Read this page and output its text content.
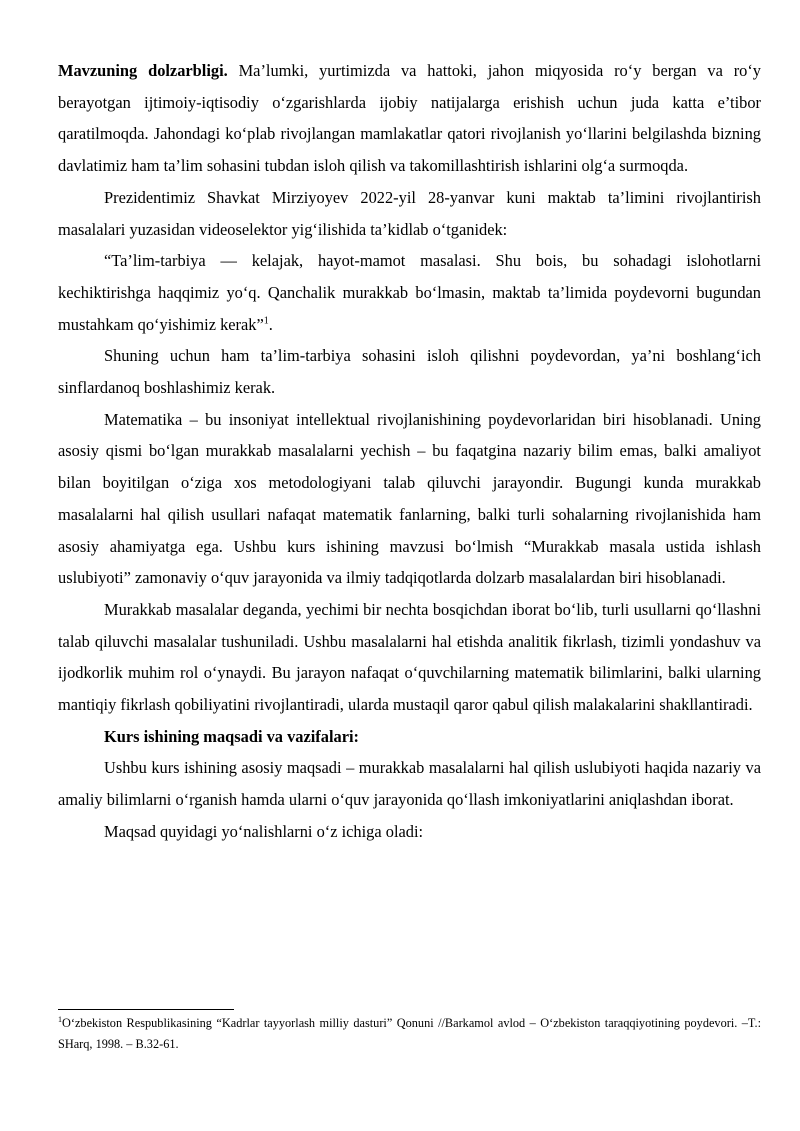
Mavzuning dolzarbligi. Ma’lumki, yurtimizda va hattoki, jahon miqyosida roʻy bergan va roʻy berayotgan ijtimoiy-iqtisodiy oʻzgarishlarda ijobiy natijalarga erishish uchun juda katta e’tibor qaratilmoqda. Jahondagi koʻplab rivojlangan mamlakatlar qatori rivojlanish yoʻllarini belgilashda bizning davlatimiz ham ta’lim sohasini tubdan isloh qilish va takomillashtirish ishlarini olgʻa surmoqda.

Prezidentimiz Shavkat Mirziyoyev 2022-yil 28-yanvar kuni maktab ta’limini rivojlantirish masalalari yuzasidan videoselektor yigʻilishida ta’kidlab oʻtganidek:

“Ta’lim-tarbiya — kelajak, hayot-mamot masalasi. Shu bois, bu sohadagi islohotlarni kechiktirishga haqqimiz yoʻq. Qanchalik murakkab boʻlmasin, maktab ta’limida poydevorni bugundan mustahkam qoʻyishimiz kerak”$^1$.

Shuning uchun ham ta’lim-tarbiya sohasini isloh qilishni poydevordan, ya’ni boshlangʻich sinflardanoq boshlashimiz kerak.

Matematika – bu insoniyat intellektual rivojlanishining poydevorlaridan biri hisoblanadi. Uning asosiy qismi boʻlgan murakkab masalalarni yechish – bu faqatgina nazariy bilim emas, balki amaliyot bilan boyitilgan oʻziga xos metodologiyani talab qiluvchi jarayondir. Bugungi kunda murakkab masalalarni hal qilish usullari nafaqat matematik fanlarning, balki turli sohalarning rivojlanishida ham asosiy ahamiyatga ega. Ushbu kurs ishining mavzusi boʻlmish “Murakkab masala ustida ishlash uslubiyoti” zamonaviy oʻquv jarayonida va ilmiy tadqiqotlarda dolzarb masalalardan biri hisoblanadi.

Murakkab masalalar deganda, yechimi bir nechta bosqichdan iborat boʻlib, turli usullarni qoʻllashni talab qiluvchi masalalar tushuniladi. Ushbu masalalarni hal etishda analitik fikrlash, tizimli yondashuv va ijodkorlik muhim rol oʻynaydi. Bu jarayon nafaqat oʻquvchilarning matematik bilimlarini, balki ularning mantiqiy fikrlash qobiliyatini rivojlantiradi, ularda mustaqil qaror qabul qilish malakalarini shakllantiradi.

Kurs ishining maqsadi va vazifalari:

Ushbu kurs ishining asosiy maqsadi – murakkab masalalarni hal qilish uslubiyoti haqida nazariy va amaliy bilimlarni oʻrganish hamda ularni oʻquv jarayonida qoʻllash imkoniyatlarini aniqlashdan iborat.

Maqsad quyidagi yoʻnalishlarni oʻz ichiga oladi:

$^1$Oʻzbekiston Respublikasining “Kadrlar tayyorlash milliy dasturi” Qonuni //Barkamol avlod – Oʻzbekiston taraqqiyotining poydevori. –T.: SHarq, 1998. – B.32-61.
